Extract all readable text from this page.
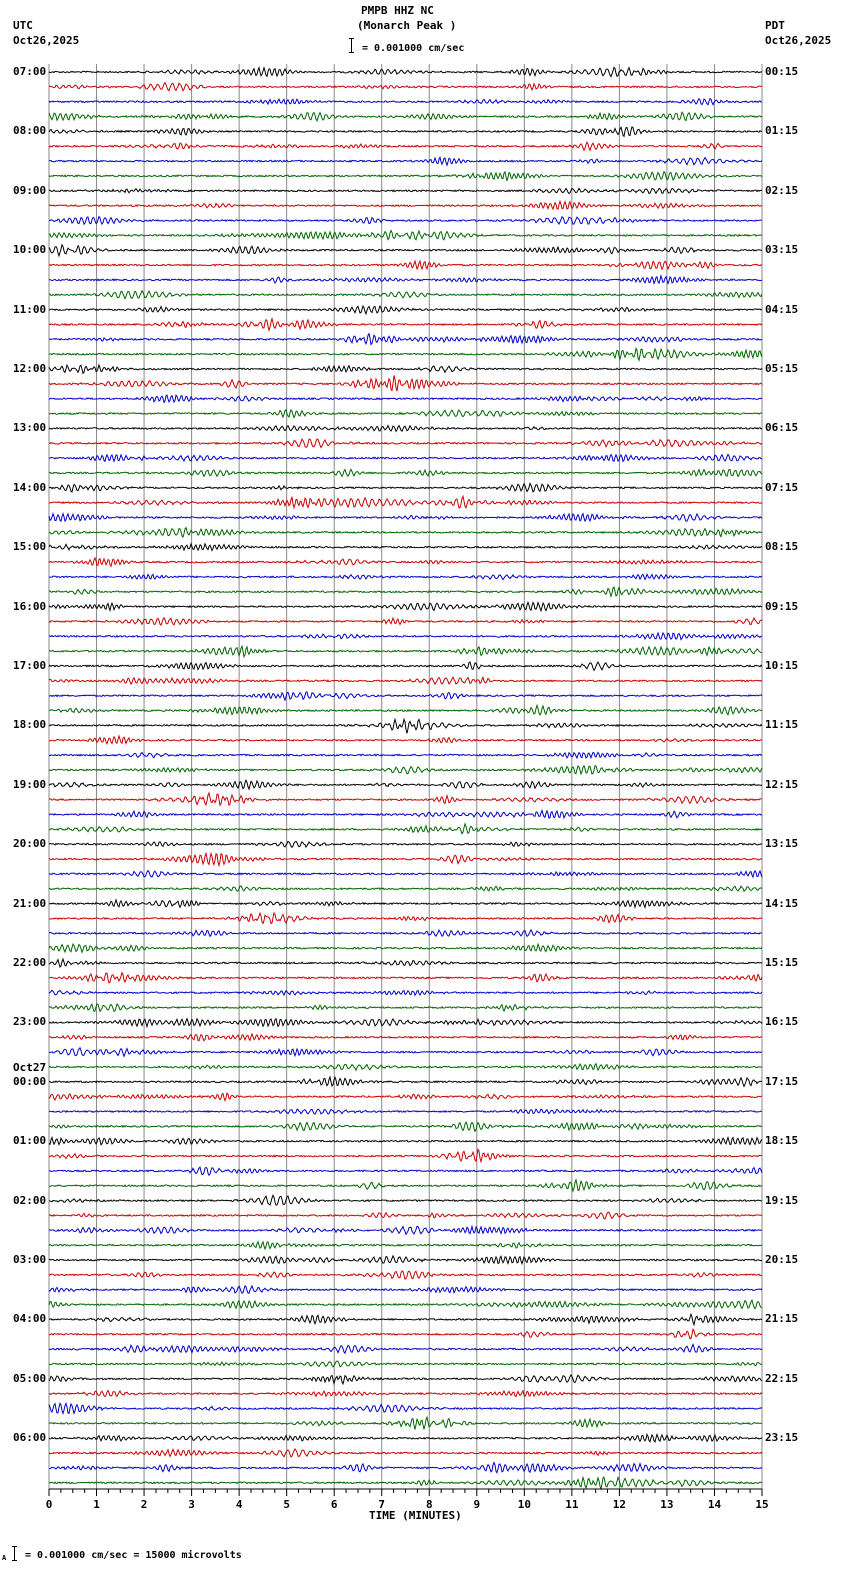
PMPB HHZ NC
(Monarch Peak )
= 0.001000 cm/sec
UTC
Oct26,2025
PDT
Oct26,2025
0	1	2	3	4	5	6	7	8	9	10	11	12	13	14	15
07:00
08:00
09:00
10:00
11:00
12:00
13:00
14:00
15:00
16:00
17:00
18:00
19:00
20:00
21:00
22:00
23:00
00:00
01:00
02:00
03:00
04:00
05:00
06:00
00:15
01:15
02:15
03:15
04:15
05:15
06:15
07:15
08:15
09:15
10:15
11:15
12:15
13:15
14:15
15:15
16:15
17:15
18:15
19:15
20:15
21:15
22:15
23:15
Oct27
TIME (MINUTES)
A = 0.001000 cm/sec = 15000 microvolts
